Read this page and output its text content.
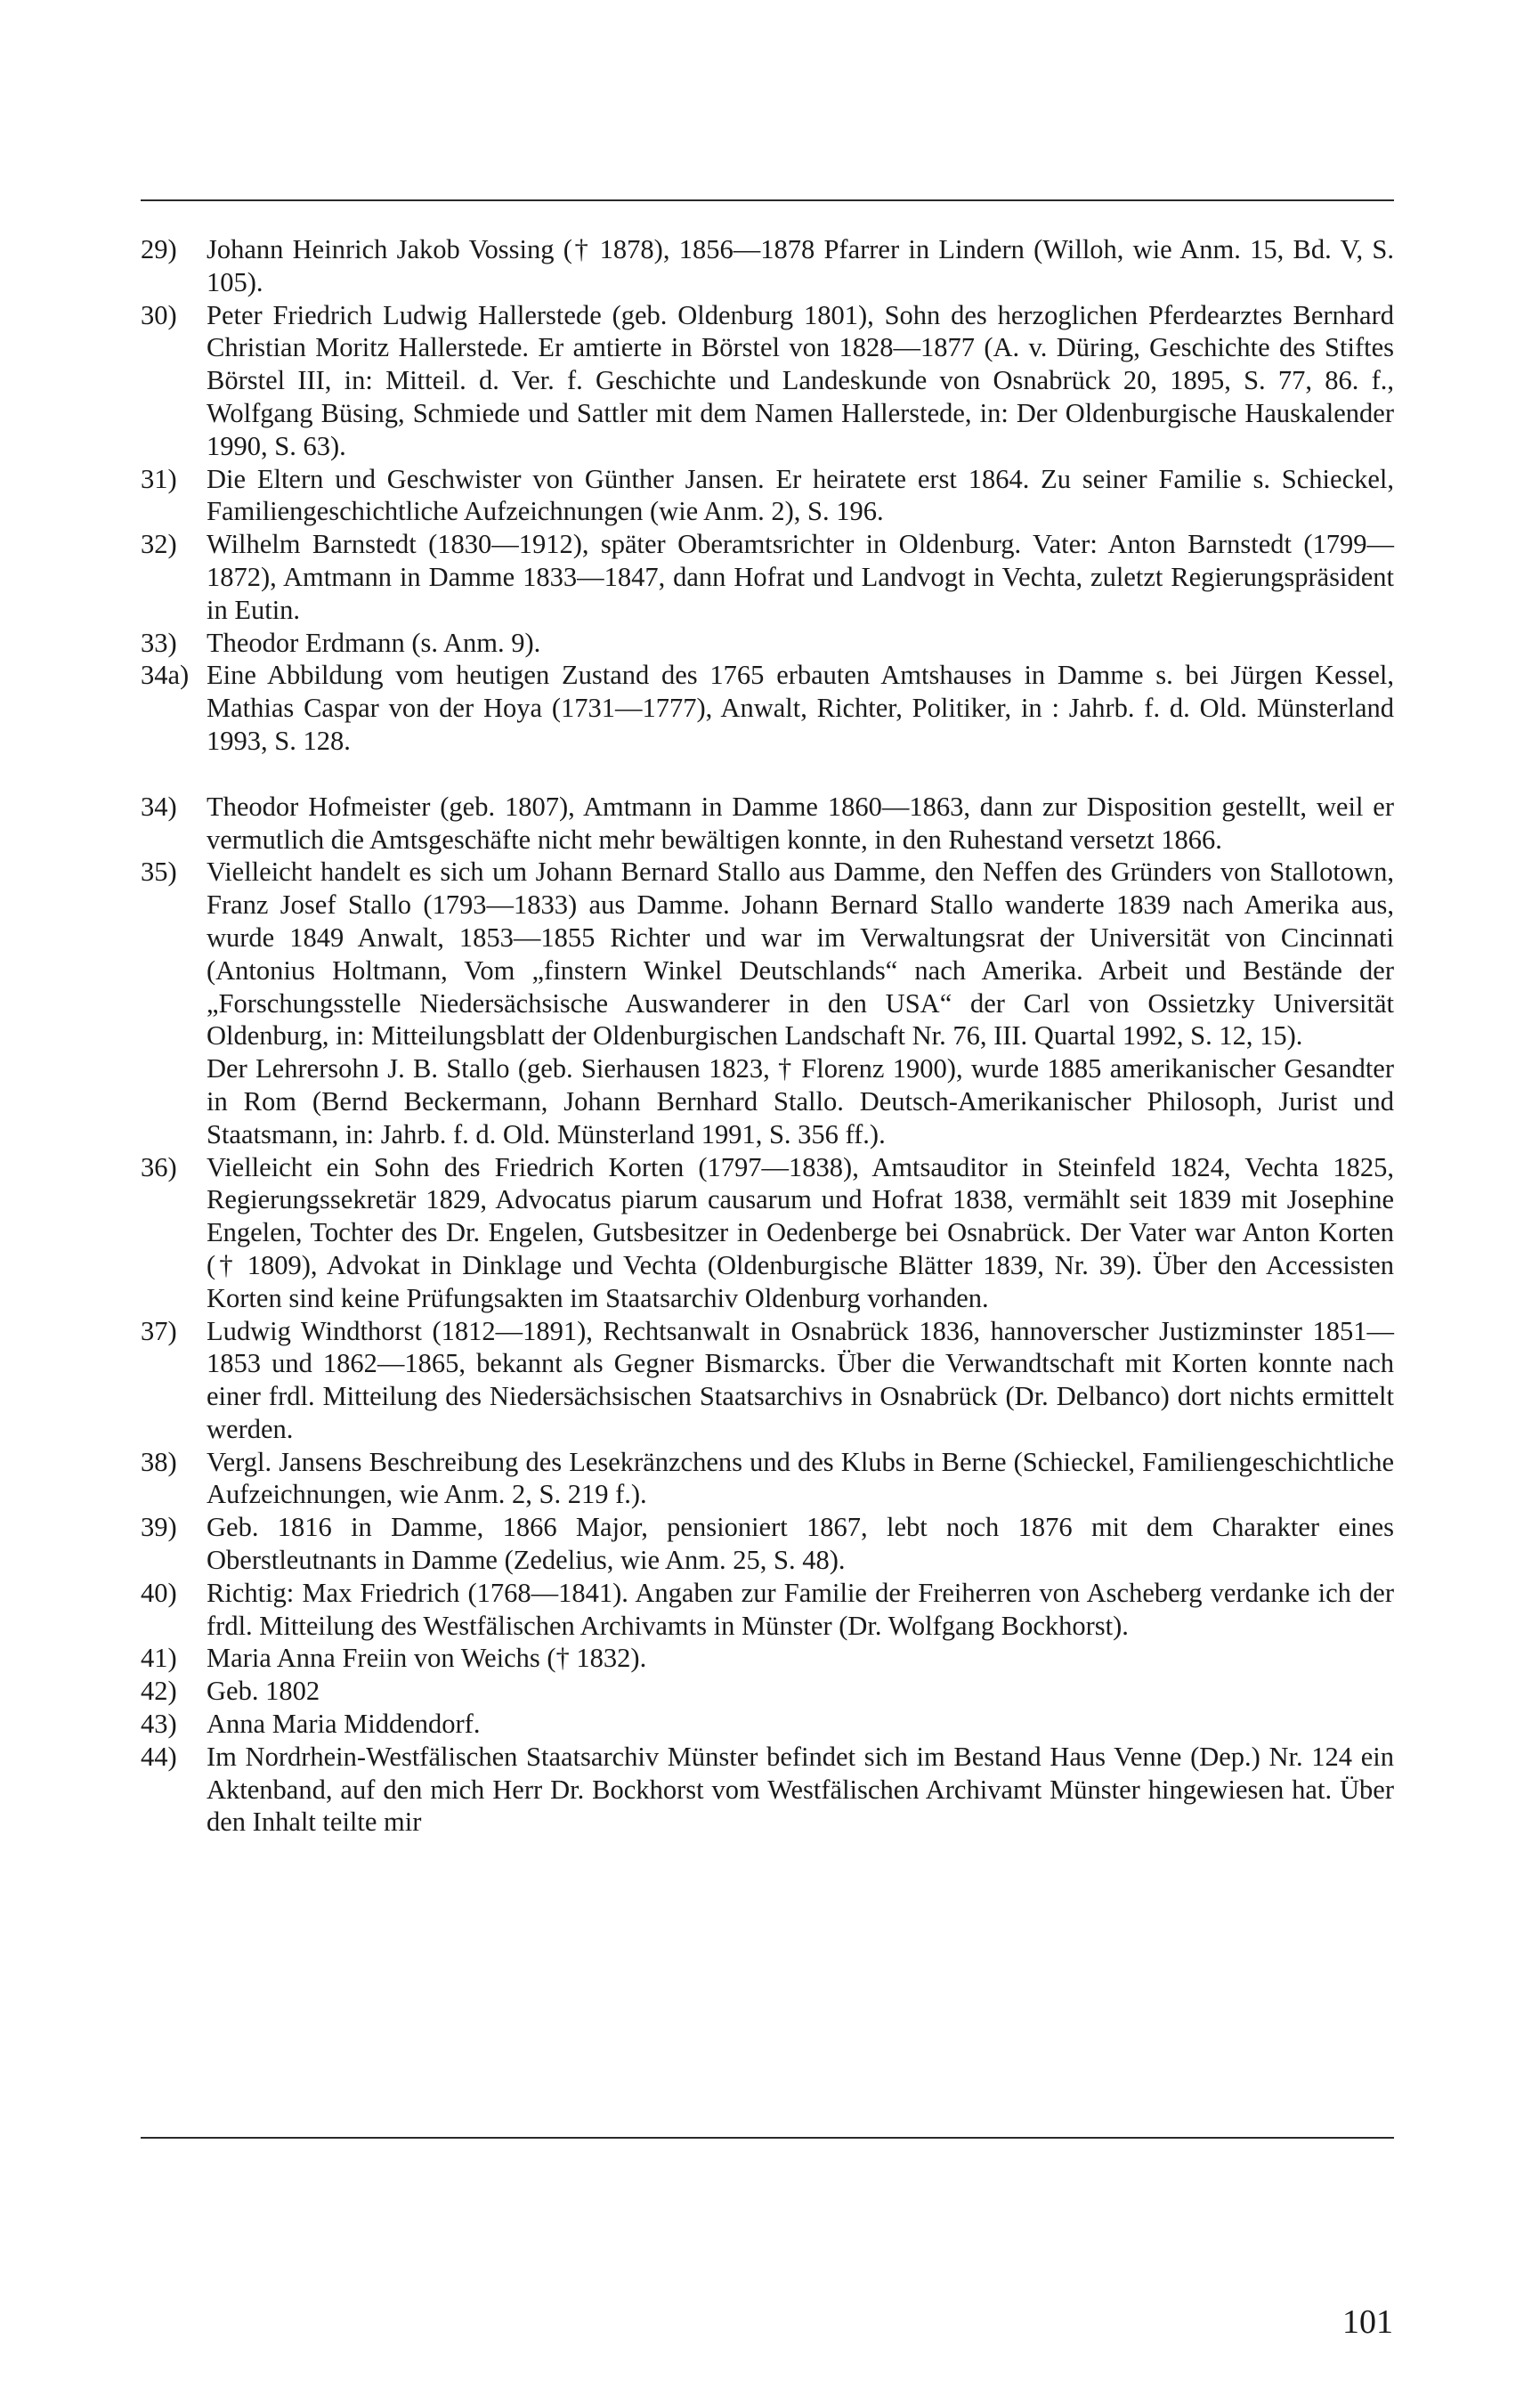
29)	Johann Heinrich Jakob Vossing († 1878), 1856—1878 Pfarrer in Lindern (Willoh, wie Anm. 15, Bd. V, S. 105).
30)	Peter Friedrich Ludwig Hallerstede (geb. Oldenburg 1801), Sohn des herzoglichen Pferdearztes Bernhard Christian Moritz Hallerstede. Er amtierte in Börstel von 1828—1877 (A. v. Düring, Geschichte des Stiftes Börstel III, in: Mitteil. d. Ver. f. Geschichte und Landeskunde von Osnabrück 20, 1895, S. 77, 86. f., Wolfgang Büsing, Schmiede und Sattler mit dem Namen Hallerstede, in: Der Oldenburgische Hauskalender 1990, S. 63).
31)	Die Eltern und Geschwister von Günther Jansen. Er heiratete erst 1864. Zu seiner Familie s. Schieckel, Familiengeschichtliche Aufzeichnungen (wie Anm. 2), S. 196.
32)	Wilhelm Barnstedt (1830—1912), später Oberamtsrichter in Oldenburg. Vater: Anton Barnstedt (1799—1872), Amtmann in Damme 1833—1847, dann Hofrat und Landvogt in Vechta, zuletzt Regierungspräsident in Eutin.
33)	Theodor Erdmann (s. Anm. 9).
34a) Eine Abbildung vom heutigen Zustand des 1765 erbauten Amtshauses in Damme s. bei Jürgen Kessel, Mathias Caspar von der Hoya (1731—1777), Anwalt, Richter, Politiker, in : Jahrb. f. d. Old. Münsterland 1993, S. 128.
34)	Theodor Hofmeister (geb. 1807), Amtmann in Damme 1860—1863, dann zur Disposition gestellt, weil er vermutlich die Amtsgeschäfte nicht mehr bewältigen konnte, in den Ruhestand versetzt 1866.
35)	Vielleicht handelt es sich um Johann Bernard Stallo aus Damme, den Neffen des Gründers von Stallotown, Franz Josef Stallo (1793—1833) aus Damme. Johann Bernard Stallo wanderte 1839 nach Amerika aus, wurde 1849 Anwalt, 1853—1855 Richter und war im Verwaltungsrat der Universität von Cincinnati (Antonius Holtmann, Vom „finstern Winkel Deutschlands“ nach Amerika. Arbeit und Bestände der „Forschungsstelle Niedersächsische Auswanderer in den USA“ der Carl von Ossietzky Universität Oldenburg, in: Mitteilungsblatt der Oldenburgischen Landschaft Nr. 76, III. Quartal 1992, S. 12, 15).
Der Lehrersohn J. B. Stallo (geb. Sierhausen 1823, † Florenz 1900), wurde 1885 amerikanischer Gesandter in Rom (Bernd Beckermann, Johann Bernhard Stallo. Deutsch-Amerikanischer Philosoph, Jurist und Staatsmann, in: Jahrb. f. d. Old. Münsterland 1991, S. 356 ff.).
36)	Vielleicht ein Sohn des Friedrich Korten (1797—1838), Amtsauditor in Steinfeld 1824, Vechta 1825, Regierungssekretär 1829, Advocatus piarum causarum und Hofrat 1838, vermählt seit 1839 mit Josephine Engelen, Tochter des Dr. Engelen, Gutsbesitzer in Oedenberge bei Osnabrück. Der Vater war Anton Korten († 1809), Advokat in Dinklage und Vechta (Oldenburgische Blätter 1839, Nr. 39). Über den Accessisten Korten sind keine Prüfungsakten im Staatsarchiv Oldenburg vorhanden.
37)	Ludwig Windthorst (1812—1891), Rechtsanwalt in Osnabrück 1836, hannoverscher Justizminster 1851—1853 und 1862—1865, bekannt als Gegner Bismarcks. Über die Verwandtschaft mit Korten konnte nach einer frdl. Mitteilung des Niedersächsischen Staatsarchivs in Osnabrück (Dr. Delbanco) dort nichts ermittelt werden.
38)	Vergl. Jansens Beschreibung des Lesekränzchens und des Klubs in Berne (Schieckel, Familiengeschichtliche Aufzeichnungen, wie Anm. 2, S. 219 f.).
39)	Geb. 1816 in Damme, 1866 Major, pensioniert 1867, lebt noch 1876 mit dem Charakter eines Oberstleutnants in Damme (Zedelius, wie Anm. 25, S. 48).
40)	Richtig: Max Friedrich (1768—1841). Angaben zur Familie der Freiherren von Ascheberg verdanke ich der frdl. Mitteilung des Westfälischen Archivamts in Münster (Dr. Wolfgang Bockhorst).
41)	Maria Anna Freiin von Weichs († 1832).
42)	Geb. 1802
43)	Anna Maria Middendorf.
44)	Im Nordrhein-Westfälischen Staatsarchiv Münster befindet sich im Bestand Haus Venne (Dep.) Nr. 124 ein Aktenband, auf den mich Herr Dr. Bockhorst vom Westfälischen Archivamt Münster hingewiesen hat. Über den Inhalt teilte mir
101
